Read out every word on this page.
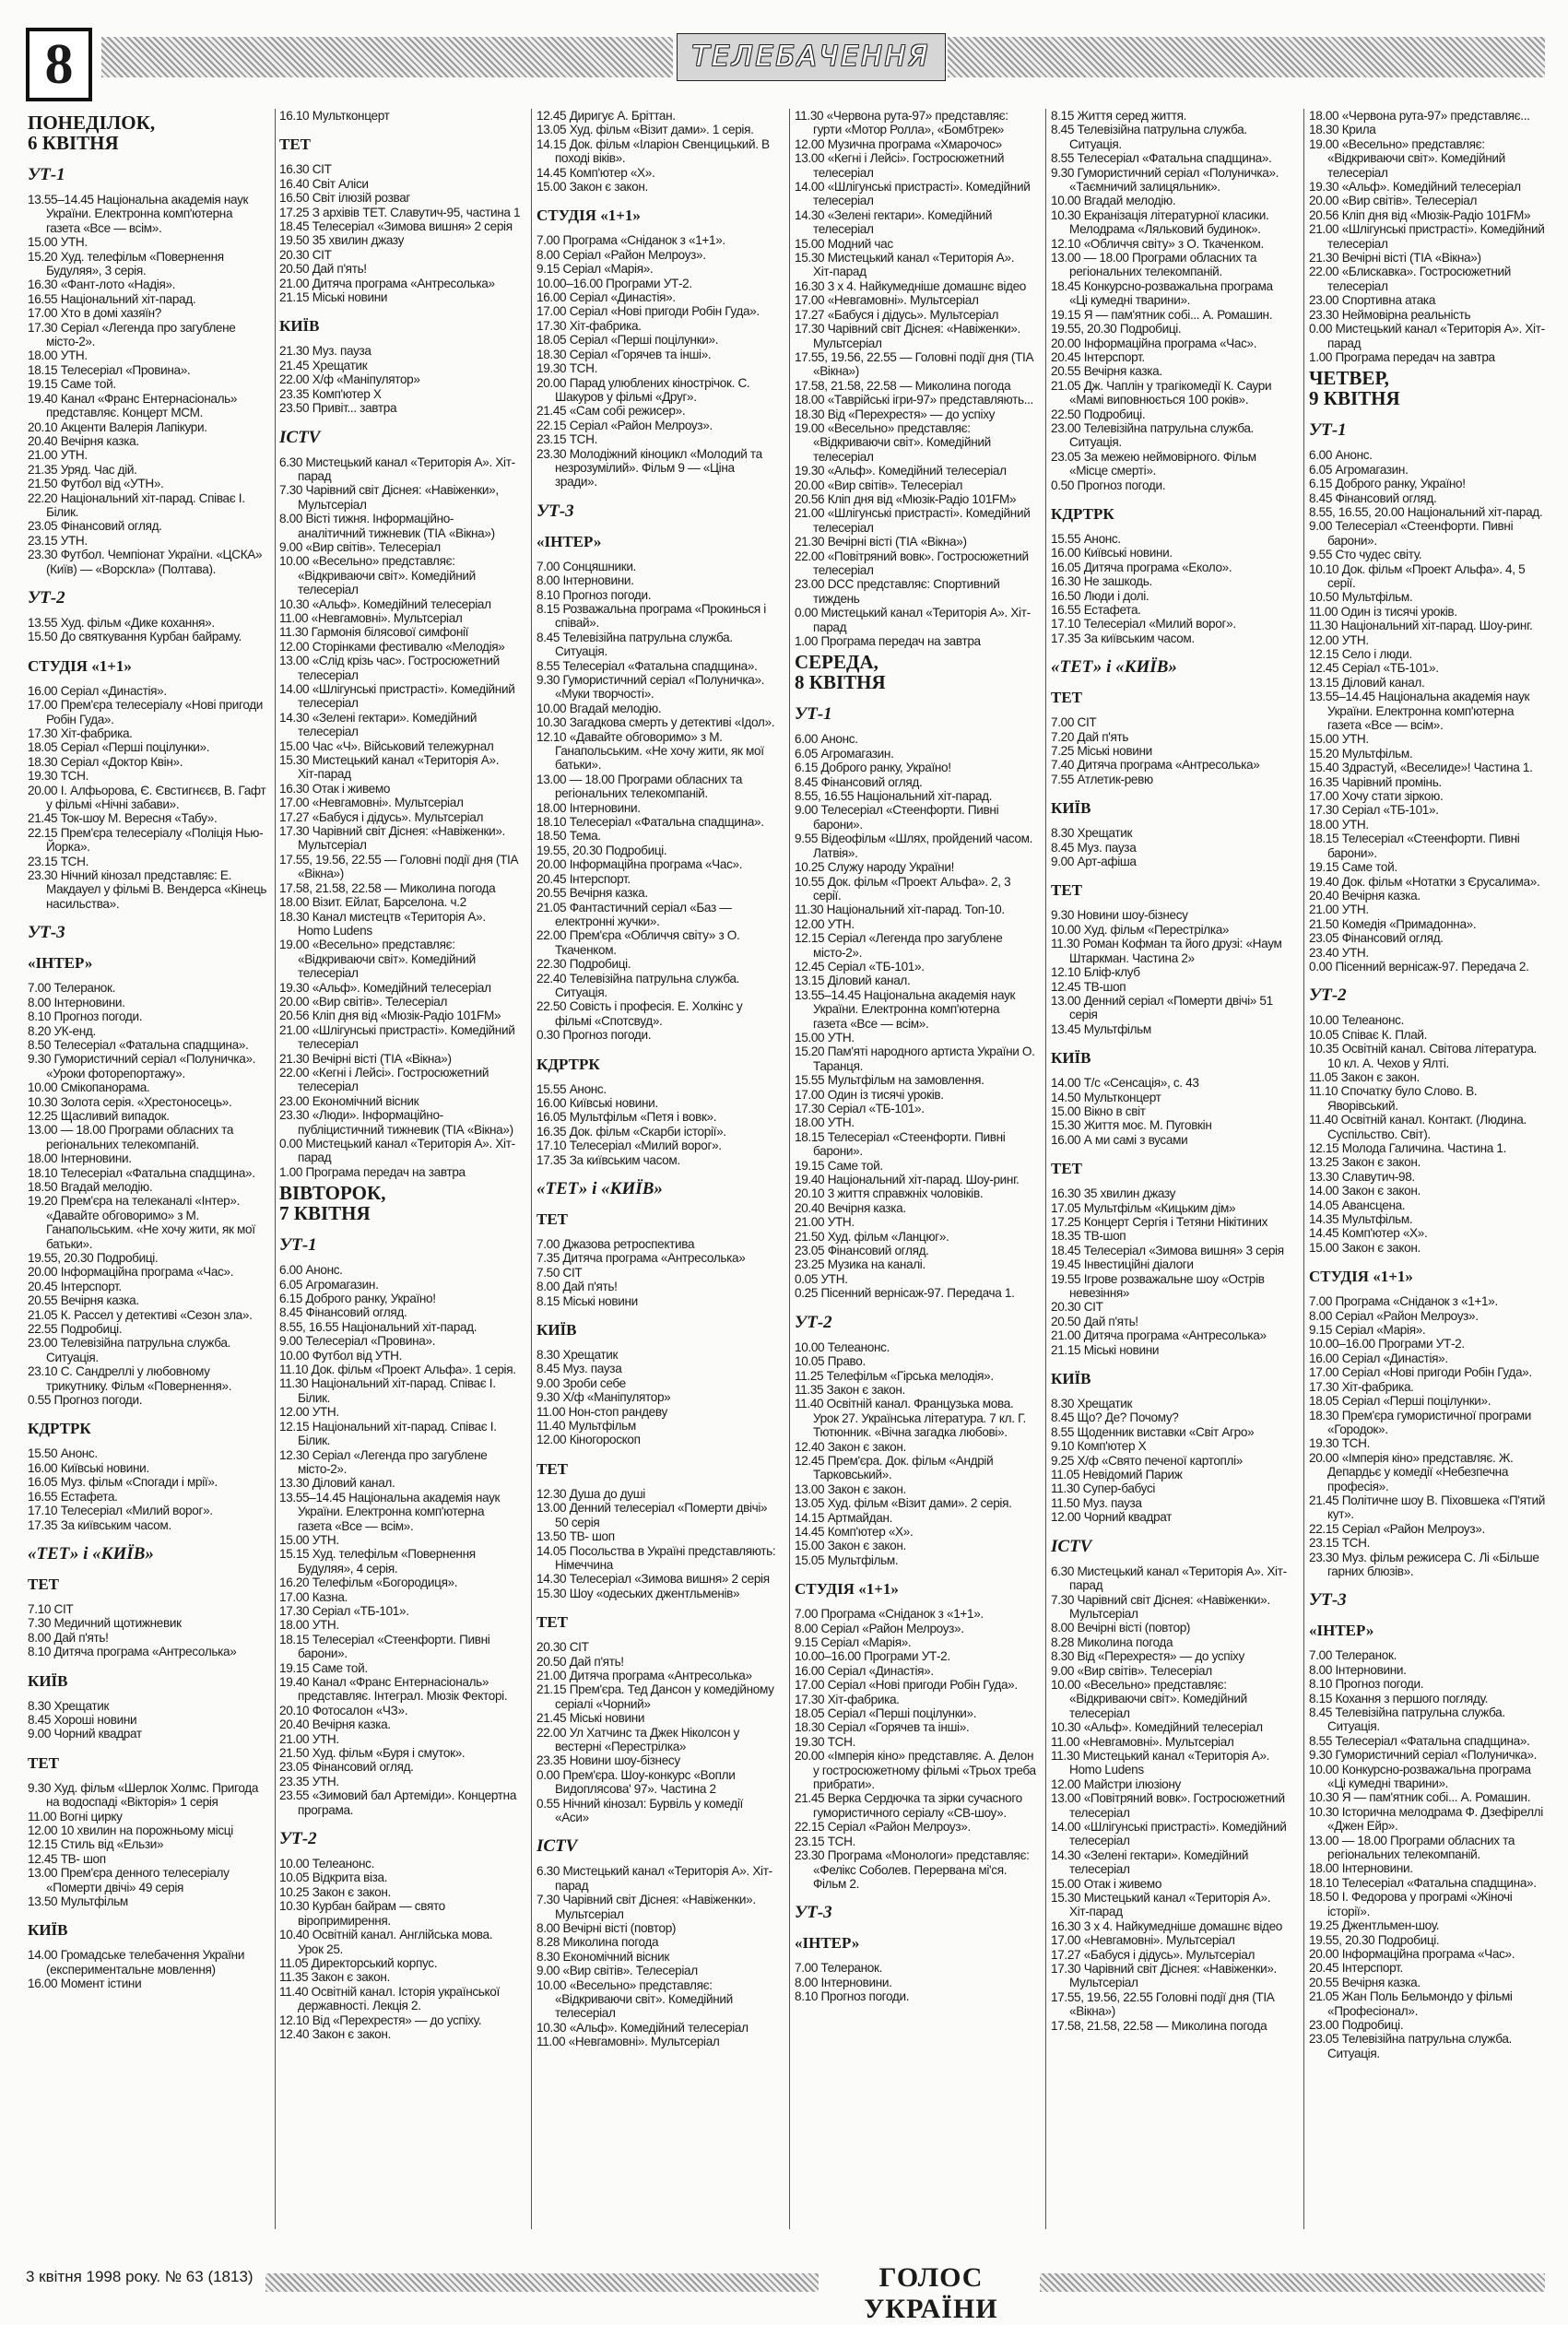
8	ТЕЛЕБАЧЕННЯ
ПОНЕДІЛОК,
6 КВІТНЯ
УТ-1
13.55–14.45 Національна академія наук України. Електронна комп'ютерна газета «Все — всім».
15.00 УТН.
15.20 Худ. телефільм «Повернення Будуляя», 3 серія.
16.30 «Фант-лото «Надія».
16.55 Національний хіт-парад.
17.00 Хто в домі хазяїн?
17.30 Серіал «Легенда про загублене місто-2».
18.00 УТН.
18.15 Телесеріал «Провина».
19.15 Саме той.
19.40 Канал «Франс Ентернасіональ» представляє. Концерт МСМ.
20.10 Акценти Валерія Лапікури.
20.40 Вечірня казка.
21.00 УТН.
21.35 Уряд. Час дій.
21.50 Футбол від «УТН».
22.20 Національний хіт-парад. Співає І. Білик.
23.05 Фінансовий огляд.
23.15 УТН.
23.30 Футбол. Чемпіонат України. «ЦСКА» (Київ) — «Ворскла» (Полтава).
УТ-2
13.55 Худ. фільм «Дике кохання».
15.50 До святкування Курбан байраму.
СТУДІЯ «1+1»
16.00 Серіал «Династія».
17.00 Прем'єра телесеріалу «Нові пригоди Робін Гуда».
17.30 Хіт-фабрика.
18.05 Серіал «Перші поцілунки».
18.30 Серіал «Доктор Квін».
19.30 ТСН.
20.00 І. Алфьорова, Є. Євстигнєєв, В. Гафт у фільмі «Нічні забави».
21.45 Ток-шоу М. Вересня «Табу».
22.15 Прем'єра телесеріалу «Поліція Нью-Йорка».
23.15 ТСН.
23.30 Нічний кінозал представляє: Е. Макдауел у фільмі В. Вендерса «Кінець насильства».
УТ-3
«ІНТЕР»
7.00 Телеранок.
8.00 Інтерновини.
8.10 Прогноз погоди.
8.20 УК-енд.
8.50 Телесеріал «Фатальна спадщина».
9.30 Гумористичний серіал «Полуничка». «Уроки фоторепортажу».
10.00 Смікопанорама.
10.30 Золота серія. «Хрестоносець».
12.25 Щасливий випадок.
13.00 — 18.00 Програми обласних та регіональних телекомпаній.
18.00 Інтерновини.
18.10 Телесеріал «Фатальна спадщина».
18.50 Вгадай мелодію.
19.20 Прем'єра на телеканалі «Інтер». «Давайте обговоримо» з М. Ганапольським. «Не хочу жити, як мої батьки».
19.55, 20.30 Подробиці.
20.00 Інформаційна програма «Час».
20.45 Інтерспорт.
20.55 Вечірня казка.
21.05 К. Рассел у детективі «Сезон зла».
22.55 Подробиці.
23.00 Телевізійна патрульна служба. Ситуація.
23.10 С. Сандреллі у любовному трикутнику. Фільм «Повернення».
0.55 Прогноз погоди.
КДРТРК
15.50 Анонс.
16.00 Київські новини.
16.05 Муз. фільм «Спогади і мрії».
16.55 Естафета.
17.10 Телесеріал «Милий ворог».
17.35 За київським часом.
«ТЕТ» і «КИЇВ»
ТЕТ
7.10 СІТ
7.30 Медичний щотижневик
8.00 Дай п'ять!
8.10 Дитяча програма «Антресолька»
КИЇВ
8.30 Хрещатик
8.45 Хороші новини
9.00 Чорний квадрат
ТЕТ
9.30 Худ. фільм «Шерлок Холмс. Пригода на водоспаді «Вікторія» 1 серія
11.00 Вогні цирку
12.00 10 хвилин на порожньому місці
12.15 Стиль від «Ельзи»
12.45 ТВ- шоп
13.00 Прем'єра денного телесеріалу «Померти двічі» 49 серія
13.50 Мультфільм
КИЇВ
14.00 Громадське телебачення України (експериментальне мовлення)
16.00 Момент істини
16.10 Мультконцерт
ТЕТ
16.30 СІТ
16.40 Світ Аліси
16.50 Світ ілюзій розваг
17.25 З архівів ТЕТ. Славутич-95, частина 1
18.45 Телесеріал «Зимова вишня» 2 серія
19.50 35 хвилин джазу
20.30 СІТ
20.50 Дай п'ять!
21.00 Дитяча програма «Антресолька»
21.15 Міські новини
КИЇВ
21.30 Муз. пауза
21.45 Хрещатик
22.00 Х/ф «Маніпулятор»
23.35 Комп'ютер Х
23.50 Привіт... завтра
ICTV
6.30 Мистецький канал «Територія А». Хіт-парад
7.30 Чарівний світ Діснея: «Навіженки», Мультсеріал
8.00 Вісті тижня. Інформаційно-аналітичний тижневик (ТІА «Вікна»)
9.00 «Вир світів». Телесеріал
10.00 «Весельно» представляє: «Відкриваючи світ». Комедійний телесеріал
10.30 «Альф». Комедійний телесеріал
11.00 «Невгамовні». Мультсеріал
11.30 Гармонія білясової симфонії
12.00 Сторінками фестивалю «Мелодія»
13.00 «Слід крізь час». Гостросюжетний телесеріал
14.00 «Шлігунські пристрасті». Комедійний телесеріал
14.30 «Зелені гектари». Комедійний телесеріал
15.00 Час «Ч». Військовий тележурнал
15.30 Мистецький канал «Територія А». Хіт-парад
16.30 Отак і живемо
17.00 «Невгамовні». Мультсеріал
17.27 «Бабуся і дідусь». Мультсеріал
17.30 Чарівний світ Діснея: «Навіженки». Мультсеріал
17.55, 19.56, 22.55 — Головні події дня (ТІА «Вікна»)
17.58, 21.58, 22.58 — Миколина погода
18.00 Візит. Ейлат, Барселона. ч.2
18.30 Канал мистецтв «Територія А». Homo Ludens
19.00 «Весельно» представляє: «Відкриваючи світ». Комедійний телесеріал
19.30 «Альф». Комедійний телесеріал
20.00 «Вир світів». Телесеріал
20.56 Кліп дня від «Мюзік-Радіо 101FM»
21.00 «Шлігунські пристрасті». Комедійний телесеріал
21.30 Вечірні вісті (ТІА «Вікна»)
22.00 «Кегні і Лейсі». Гостросюжетний телесеріал
23.00 Економічний вісник
23.30 «Люди». Інформаційно-публіцистичний тижневик (ТІА «Вікна»)
0.00 Мистецький канал «Територія А». Хіт-парад
1.00 Програма передач на завтра
ВІВТОРОК,
7 КВІТНЯ
УТ-1
6.00 Анонс.
6.05 Агромагазин.
6.15 Доброго ранку, Україно!
8.45 Фінансовий огляд.
8.55, 16.55 Національний хіт-парад.
9.00 Телесеріал «Провина».
10.00 Футбол від УТН.
11.10 Док. фільм «Проект Альфа». 1 серія.
11.30 Національний хіт-парад. Співає І. Білик.
12.00 УТН.
12.15 Національний хіт-парад. Співає І. Білик.
12.30 Серіал «Легенда про загублене місто-2».
13.30 Діловий канал.
13.55–14.45 Національна академія наук України. Електронна комп'ютерна газета «Все — всім».
15.00 УТН.
15.15 Худ. телефільм «Повернення Будуляя», 4 серія.
16.20 Телефільм «Богородиця».
17.00 Казна.
17.30 Серіал «ТБ-101».
18.00 УТН.
18.15 Телесеріал «Стеенфорти. Пивні барони».
19.15 Саме той.
19.40 Канал «Франс Ентернасіональ» представляє. Інтеграл. Мюзік Фекторі.
20.10 Фотосалон «ЧЗ».
20.40 Вечірня казка.
21.00 УТН.
21.50 Худ. фільм «Буря і смуток».
23.05 Фінансовий огляд.
23.35 УТН.
23.55 «Зимовий бал Артеміди». Концертна програма.
УТ-2
10.00 Телеанонс.
10.05 Відкрита віза.
10.25 Закон є закон.
10.30 Курбан байрам — свято віропримирення.
10.40 Освітній канал. Англійська мова. Урок 25.
11.05 Директорський корпус.
11.35 Закон є закон.
11.40 Освітній канал. Історія української державності. Лекція 2.
12.10 Від «Перехрестя» — до успіху.
12.40 Закон є закон.
12.45 Диригує А. Бріттан.
13.05 Худ. фільм «Візит дами». 1 серія.
14.15 Док. фільм «Іларіон Свенцицький. В поході віків».
14.45 Комп'ютер «Х».
15.00 Закон є закон.
СТУДІЯ «1+1»
7.00 Програма «Сніданок з «1+1».
8.00 Серіал «Район Мелроуз».
9.15 Серіал «Марія».
10.00–16.00 Програми УТ-2.
16.00 Серіал «Династія».
17.00 Серіал «Нові пригоди Робін Гуда».
17.30 Хіт-фабрика.
18.05 Серіал «Перші поцілунки».
18.30 Серіал «Горячев та інші».
19.30 ТСН.
20.00 Парад улюблених кінострічок. С. Шакуров у фільмі «Друг».
21.45 «Сам собі режисер».
22.15 Серіал «Район Мелроуз».
23.15 ТСН.
23.30 Молодіжний кіноцикл «Молодий та незрозумілий». Фільм 9 — «Ціна зради».
УТ-3
«ІНТЕР»
7.00 Сонцяшники.
8.00 Інтерновини.
8.10 Прогноз погоди.
8.15 Розважальна програма «Прокинься і співай».
8.45 Телевізійна патрульна служба. Ситуація.
8.55 Телесеріал «Фатальна спадщина».
9.30 Гумористичний серіал «Полуничка». «Муки творчості».
10.00 Вгадай мелодію.
10.30 Загадкова смерть у детективі «Ідол».
12.10 «Давайте обговоримо» з М. Ганапольським. «Не хочу жити, як мої батьки».
13.00 — 18.00 Програми обласних та регіональних телекомпаній.
18.00 Інтерновини.
18.10 Телесеріал «Фатальна спадщина».
18.50 Тема.
19.55, 20.30 Подробиці.
20.00 Інформаційна програма «Час».
20.45 Інтерспорт.
20.55 Вечірня казка.
21.05 Фантастичний серіал «Баз — електронні жучки».
22.00 Прем'єра «Обличчя світу» з О. Ткаченком.
22.30 Подробиці.
22.40 Телевізійна патрульна служба. Ситуація.
22.50 Совість і професія. Е. Холкінс у фільмі «Спотсвуд».
0.30 Прогноз погоди.
КДРТРК
15.55 Анонс.
16.00 Київські новини.
16.05 Мультфільм «Петя і вовк».
16.35 Док. фільм «Скарби історії».
17.10 Телесеріал «Милий ворог».
17.35 За київським часом.
«ТЕТ» і «КИЇВ»
ТЕТ
7.00 Джазова ретроспектива
7.35 Дитяча програма «Антресолька»
7.50 СІТ
8.00 Дай п'ять!
8.15 Міські новини
КИЇВ
8.30 Хрещатик
8.45 Муз. пауза
9.00 Зроби себе
9.30 Х/ф «Маніпулятор»
11.00 Нон-стоп рандеву
11.40 Мультфільм
12.00 Кіногороскоп
ТЕТ
12.30 Душа до душі
13.00 Денний телесеріал «Померти двічі» 50 серія
13.50 ТВ- шоп
14.05 Посольства в Україні представляють: Німеччина
14.30 Телесеріал «Зимова вишня» 2 серія
15.30 Шоу «одеських джентльменів»
ТЕТ
20.30 СІТ
20.50 Дай п'ять!
21.00 Дитяча програма «Антресолька»
21.15 Прем'єра. Тед Дансон у комедійному серіалі «Чорний»
21.45 Міські новини
22.00 Ул Хатчинс та Джек Ніколсон у вестерні «Перестрілка»
23.35 Новини шоу-бізнесу
0.00 Прем'єра. Шоу-конкурс «Вопли Видоплясова' 97». Частина 2
0.55 Нічний кінозал: Бурвіль у комедії «Аси»
ICTV
6.30 Мистецький канал «Територія А». Хіт-парад
7.30 Чарівний світ Діснея: «Навіженки». Мультсеріал
8.00 Вечірні вісті (повтор)
8.28 Миколина погода
8.30 Економічний вісник
9.00 «Вир світів». Телесеріал
10.00 «Весельно» представляє: «Відкриваючи світ». Комедійний телесеріал
10.30 «Альф». Комедійний телесеріал
11.00 «Невгамовні». Мультсеріал
11.30 «Червона рута-97» представляє: гурти «Мотор Ролла», «Бомбтрек»
12.00 Музична програма «Хмарочос»
13.00 «Кегні і Лейсі». Гостросюжетний телесеріал
14.00 «Шлігунські пристрасті». Комедійний телесеріал
14.30 «Зелені гектари». Комедійний телесеріал
15.00 Модний час
15.30 Мистецький канал «Територія А». Хіт-парад
16.30 3 х 4. Найкумедніше домашнє відео
17.00 «Невгамовні». Мультсеріал
17.27 «Бабуся і дідусь». Мультсеріал
17.30 Чарівний світ Діснея: «Навіженки». Мультсеріал
17.55, 19.56, 22.55 — Головні події дня (ТІА «Вікна»)
17.58, 21.58, 22.58 — Миколина погода
18.00 «Таврійські ігри-97» представляють...
18.30 Від «Перехрестя» — до успіху
19.00 «Весельно» представляє: «Відкриваючи світ». Комедійний телесеріал
19.30 «Альф». Комедійний телесеріал
20.00 «Вир світів». Телесеріал
20.56 Кліп дня від «Мюзік-Радіо 101FM»
21.00 «Шлігунські пристрасті». Комедійний телесеріал
21.30 Вечірні вісті (ТІА «Вікна»)
22.00 «Повітряний вовк». Гостросюжетний телесеріал
23.00 DCC представляє: Спортивний тиждень
0.00 Мистецький канал «Територія А». Хіт-парад
1.00 Програма передач на завтра
СЕРЕДА,
8 КВІТНЯ
УТ-1
6.00 Анонс.
6.05 Агромагазин.
6.15 Доброго ранку, Україно!
8.45 Фінансовий огляд.
8.55, 16.55 Національний хіт-парад.
9.00 Телесеріал «Стеенфорти. Пивні барони».
9.55 Відеофільм «Шлях, пройдений часом. Латвія».
10.25 Служу народу України!
10.55 Док. фільм «Проект Альфа». 2, 3 серії.
11.30 Національний хіт-парад. Топ-10.
12.00 УТН.
12.15 Серіал «Легенда про загублене місто-2».
12.45 Серіал «ТБ-101».
13.15 Діловий канал.
13.55–14.45 Національна академія наук України. Електронна комп'ютерна газета «Все — всім».
15.00 УТН.
15.20 Пам'яті народного артиста України О. Таранця.
15.55 Мультфільм на замовлення.
17.00 Один із тисячі уроків.
17.30 Серіал «ТБ-101».
18.00 УТН.
18.15 Телесеріал «Стеенфорти. Пивні барони».
19.15 Саме той.
19.40 Національний хіт-парад. Шоу-ринг.
20.10 3 життя справжніх чоловіків.
20.40 Вечірня казка.
21.00 УТН.
21.50 Худ. фільм «Ланцюг».
23.05 Фінансовий огляд.
23.25 Музика на каналі.
0.05 УТН.
0.25 Пісенний вернісаж-97. Передача 1.
УТ-2
10.00 Телеанонс.
10.05 Право.
11.25 Телефільм «Гірська мелодія».
11.35 Закон є закон.
11.40 Освітній канал. Французька мова. Урок 27. Українська література. 7 кл. Г. Тютюнник. «Вічна загадка любові».
12.40 Закон є закон.
12.45 Прем'єра. Док. фільм «Андрій Тарковський».
13.00 Закон є закон.
13.05 Худ. фільм «Візит дами». 2 серія.
14.15 Артмайдан.
14.45 Комп'ютер «Х».
15.00 Закон є закон.
15.05 Мультфільм.
СТУДІЯ «1+1»
7.00 Програма «Сніданок з «1+1».
8.00 Серіал «Район Мелроуз».
9.15 Серіал «Марія».
10.00–16.00 Програми УТ-2.
16.00 Серіал «Династія».
17.00 Серіал «Нові пригоди Робін Гуда».
17.30 Хіт-фабрика.
18.05 Серіал «Перші поцілунки».
18.30 Серіал «Горячев та інші».
19.30 ТСН.
20.00 «Імперія кіно» представляє. А. Делон у гостросюжетному фільмі «Трьох треба прибрати».
21.45 Верка Сердючка та зірки сучасного гумористичного серіалу «СВ-шоу».
22.15 Серіал «Район Мелроуз».
23.15 ТСН.
23.30 Програма «Монологи» представляє: «Фелікс Соболев. Перервана мі'ся. Фільм 2.
УТ-3
«ІНТЕР»
7.00 Телеранок.
8.00 Інтерновини.
8.10 Прогноз погоди.
8.15 Життя серед життя.
8.45 Телевізійна патрульна служба. Ситуація.
8.55 Телесеріал «Фатальна спадщина».
9.30 Гумористичний серіал «Полуничка». «Таємничий залицяльник».
10.00 Вгадай мелодію.
10.30 Екранізація літературної класики. Мелодрама «Ляльковий будинок».
12.10 «Обличчя світу» з О. Ткаченком.
13.00 — 18.00 Програми обласних та регіональних телекомпаній.
18.45 Конкурсно-розважальна програма «Ці кумедні тварини».
19.15 Я — пам'ятник собі... А. Ромашин.
19.55, 20.30 Подробиці.
20.00 Інформаційна програма «Час».
20.45 Інтерспорт.
20.55 Вечірня казка.
21.05 Дж. Чаплін у трагікомедії К. Саури «Мамі виповнюється 100 років».
22.50 Подробиці.
23.00 Телевізійна патрульна служба. Ситуація.
23.05 За межею неймовірного. Фільм «Місце смерті».
0.50 Прогноз погоди.
КДРТРК
15.55 Анонс.
16.00 Київські новини.
16.05 Дитяча програма «Еколо».
16.30 Не зашкодь.
16.50 Люди і долі.
16.55 Естафета.
17.10 Телесеріал «Милий ворог».
17.35 За київським часом.
«ТЕТ» і «КИЇВ»
ТЕТ
7.00 СІТ
7.20 Дай п'ять
7.25 Міські новини
7.40 Дитяча програма «Антресолька»
7.55 Атлетик-ревю
КИЇВ
8.30 Хрещатик
8.45 Муз. пауза
9.00 Арт-афіша
ТЕТ
9.30 Новини шоу-бізнесу
10.00 Худ. фільм «Перестрілка»
11.30 Роман Кофман та його друзі: «Наум Штаркман. Частина 2»
12.10 Бліф-клуб
12.45 ТВ-шоп
13.00 Денний серіал «Померти двічі» 51 серія
13.45 Мультфільм
КИЇВ
14.00 Т/с «Сенсація», с. 43
14.50 Мультконцерт
15.00 Вікно в світ
15.30 Життя моє. М. Пуговкін
16.00 А ми самі з вусами
ТЕТ
16.30 35 хвилин джазу
17.05 Мультфільм «Кицьким дім»
17.25 Концерт Сергія і Тетяни Нікітиних
18.35 ТВ-шоп
18.45 Телесеріал «Зимова вишня» 3 серія
19.45 Інвестиційні діалоги
19.55 Ігрове розважальне шоу «Острів невезіння»
20.30 СІТ
20.50 Дай п'ять!
21.00 Дитяча програма «Антресолька»
21.15 Міські новини
КИЇВ
8.30 Хрещатик
8.45 Що? Де? Почому?
8.55 Щоденник виставки «Світ Агро»
9.10 Комп'ютер Х
9.25 Х/ф «Свято печеної картоплі»
11.05 Невідомий Париж
11.30 Супер-бабусі
11.50 Муз. пауза
12.00 Чорний квадрат
ICTV
6.30 Мистецький канал «Територія А». Хіт-парад
7.30 Чарівний світ Діснея: «Навіженки». Мультсеріал
8.00 Вечірні вісті (повтор)
8.28 Миколина погода
8.30 Від «Перехрестя» — до успіху
9.00 «Вир світів». Телесеріал
10.00 «Весельно» представляє: «Відкриваючи світ». Комедійний телесеріал
10.30 «Альф». Комедійний телесеріал
11.00 «Невгамовні». Мультсеріал
11.30 Мистецький канал «Територія А». Homo Ludens
12.00 Майстри ілюзіону
13.00 «Повітряний вовк». Гостросюжетний телесеріал
14.00 «Шлігунські пристрасті». Комедійний телесеріал
14.30 «Зелені гектари». Комедійний телесеріал
15.00 Отак і живемо
15.30 Мистецький канал «Територія А». Хіт-парад
16.30 3 х 4. Найкумедніше домашнє відео
17.00 «Невгамовні». Мультсеріал
17.27 «Бабуся і дідусь». Мультсеріал
17.30 Чарівний світ Діснея: «Навіженки». Мультсеріал
17.55, 19.56, 22.55 Головні події дня (ТІА «Вікна»)
17.58, 21.58, 22.58 — Миколина погода
18.00 «Червона рута-97» представляє...
18.30 Крила
19.00 «Весельно» представляє: «Відкриваючи світ». Комедійний телесеріал
19.30 «Альф». Комедійний телесеріал
20.00 «Вир світів». Телесеріал
20.56 Кліп дня від «Мюзік-Радіо 101FM»
21.00 «Шлігунські пристрасті». Комедійний телесеріал
21.30 Вечірні вісті (ТІА «Вікна»)
22.00 «Блискавка». Гостросюжетний телесеріал
23.00 Спортивна атака
23.30 Неймовірна реальність
0.00 Мистецький канал «Територія А». Хіт-парад
1.00 Програма передач на завтра
ЧЕТВЕР,
9 КВІТНЯ
УТ-1
6.00 Анонс.
6.05 Агромагазин.
6.15 Доброго ранку, Україно!
8.45 Фінансовий огляд.
8.55, 16.55, 20.00 Національний хіт-парад.
9.00 Телесеріал «Стеенфорти. Пивні барони».
9.55 Сто чудес світу.
10.10 Док. фільм «Проект Альфа». 4, 5 серії.
10.50 Мультфільм.
11.00 Один із тисячі уроків.
11.30 Національний хіт-парад. Шоу-ринг.
12.00 УТН.
12.15 Село і люди.
12.45 Серіал «ТБ-101».
13.15 Діловий канал.
13.55–14.45 Національна академія наук України. Електронна комп'ютерна газета «Все — всім».
15.00 УТН.
15.20 Мультфільм.
15.40 Здрастуй, «Веселиде»! Частина 1.
16.35 Чарівний промінь.
17.00 Хочу стати зіркою.
17.30 Серіал «ТБ-101».
18.00 УТН.
18.15 Телесеріал «Стеенфорти. Пивні барони».
19.15 Саме той.
19.40 Док. фільм «Нотатки з Єрусалима».
20.40 Вечірня казка.
21.00 УТН.
21.50 Комедія «Примадонна».
23.05 Фінансовий огляд.
23.40 УТН.
0.00 Пісенний вернісаж-97. Передача 2.
УТ-2
10.00 Телеанонс.
10.05 Співає К. Плай.
10.35 Освітній канал. Світова література. 10 кл. А. Чехов у Ялті.
11.05 Закон є закон.
11.10 Спочатку було Слово. В. Яворівський.
11.40 Освітній канал. Контакт. (Людина. Суспільство. Світ).
12.15 Молода Галичина. Частина 1.
13.25 Закон є закон.
13.30 Славутич-98.
14.00 Закон є закон.
14.05 Авансцена.
14.35 Мультфільм.
14.45 Комп'ютер «Х».
15.00 Закон є закон.
СТУДІЯ «1+1»
7.00 Програма «Сніданок з «1+1».
8.00 Серіал «Район Мелроуз».
9.15 Серіал «Марія».
10.00–16.00 Програми УТ-2.
16.00 Серіал «Династія».
17.00 Серіал «Нові пригоди Робін Гуда».
17.30 Хіт-фабрика.
18.05 Серіал «Перші поцілунки».
18.30 Прем'єра гумористичної програми «Городок».
19.30 ТСН.
20.00 «Імперія кіно» представляє. Ж. Депардьє у комедії «Небезпечна професія».
21.45 Політичне шоу В. Піховшека «П'ятий кут».
22.15 Серіал «Район Мелроуз».
23.15 ТСН.
23.30 Муз. фільм режисера С. Лі «Більше гарних блюзів».
УТ-3
«ІНТЕР»
7.00 Телеранок.
8.00 Інтерновини.
8.10 Прогноз погоди.
8.15 Кохання з першого погляду.
8.45 Телевізійна патрульна служба. Ситуація.
8.55 Телесеріал «Фатальна спадщина».
9.30 Гумористичний серіал «Полуничка».
10.00 Конкурсно-розважальна програма «Ці кумедні тварини».
10.30 Я — пам'ятник собі... А. Ромашин.
10.30 Історична мелодрама Ф. Дзефіреллі «Джен Ейр».
13.00 — 18.00 Програми обласних та регіональних телекомпаній.
18.00 Інтерновини.
18.10 Телесеріал «Фатальна спадщина».
18.50 І. Федорова у програмі «Жіночі історії».
19.25 Джентльмен-шоу.
19.55, 20.30 Подробиці.
20.00 Інформаційна програма «Час».
20.45 Інтерспорт.
20.55 Вечірня казка.
21.05 Жан Поль Бельмондо у фільмі «Професіонал».
23.00 Подробиці.
23.05 Телевізійна патрульна служба. Ситуація.
3 квітня 1998 року. № 63 (1813)	ГОЛОС УКРАЇНИ
